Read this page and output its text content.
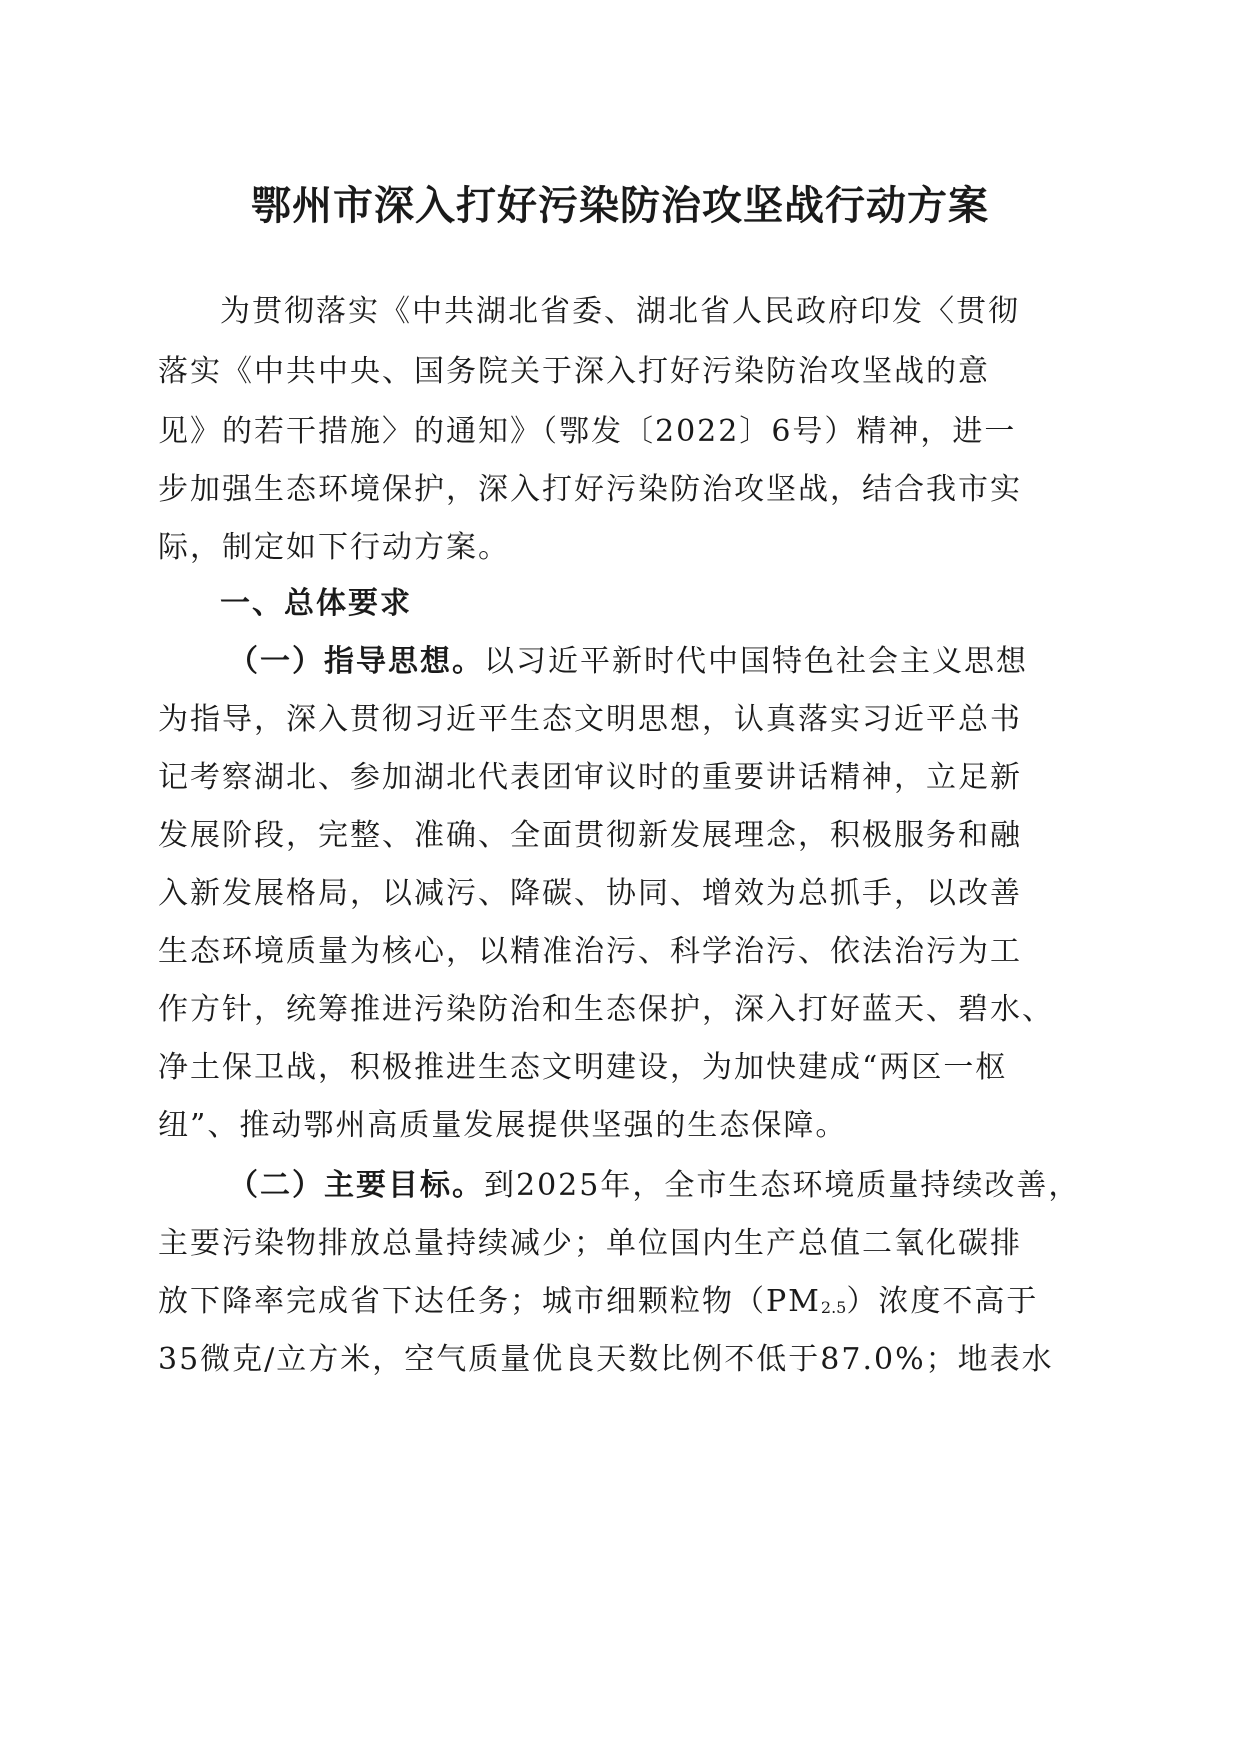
鄂州市深入打好污染防治攻坚战行动方案

为贯彻落实《中共湖北省委、湖北省人民政府印发〈贯彻

落实《中共中央、国务院关于深入打好污染防治攻坚战的意

见》的若干措施〉的通知》（鄂发〔2022〕6号）精神，进一

步加强生态环境保护，深入打好污染防治攻坚战，结合我市实

际，制定如下行动方案。

一、总体要求

（一）指导思想。以习近平新时代中国特色社会主义思想

为指导，深入贯彻习近平生态文明思想，认真落实习近平总书

记考察湖北、参加湖北代表团审议时的重要讲话精神，立足新

发展阶段，完整、准确、全面贯彻新发展理念，积极服务和融

入新发展格局，以减污、降碳、协同、增效为总抓手，以改善

生态环境质量为核心，以精准治污、科学治污、依法治污为工

作方针，统筹推进污染防治和生态保护，深入打好蓝天、碧水、

净土保卫战，积极推进生态文明建设，为加快建成“两区一枢

纽”、推动鄂州高质量发展提供坚强的生态保障。

（二）主要目标。到2025年，全市生态环境质量持续改善，

主要污染物排放总量持续减少；单位国内生产总值二氧化碳排

放下降率完成省下达任务；城市细颗粒物$(PM_{2.5})$浓度不高于

35微克/立方米，空气质量优良天数比例不低于87.0%；地表水
